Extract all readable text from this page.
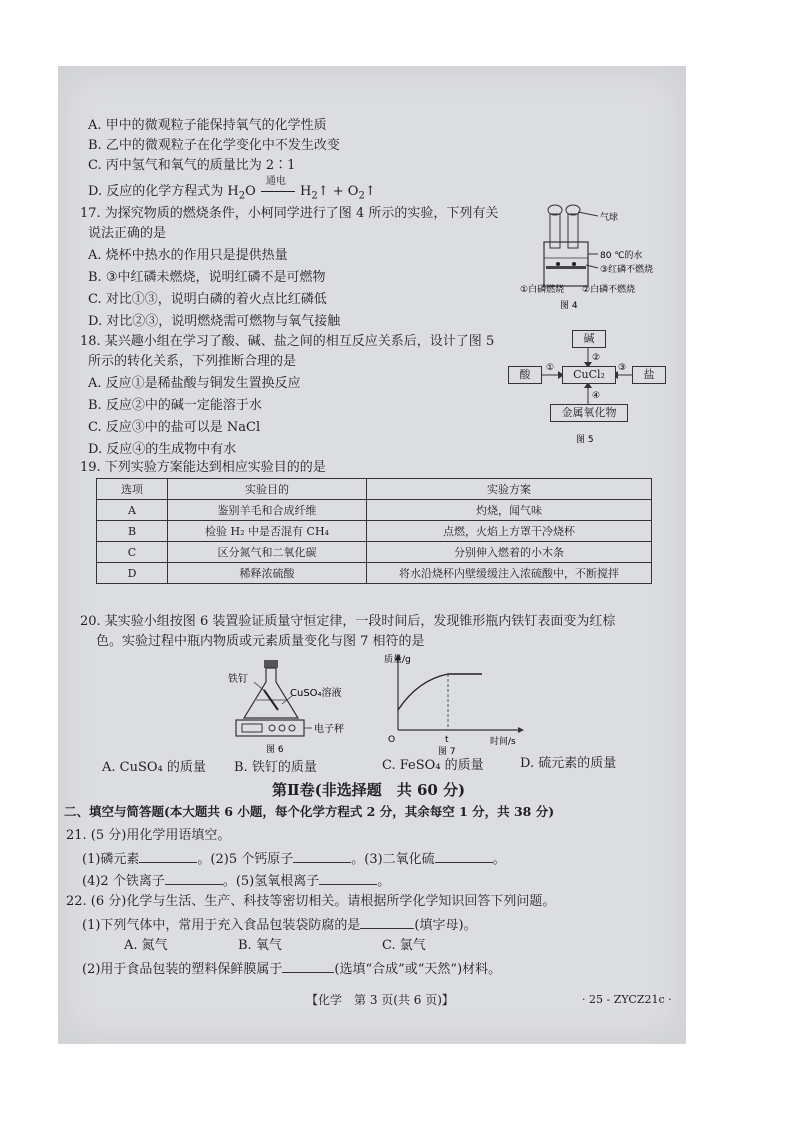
A. 甲中的微观粒子能保持氧气的化学性质
B. 乙中的微观粒子在化学变化中不发生改变
C. 丙中氢气和氧气的质量比为 2∶1
D. 反应的化学方程式为 $H_2O$
通电
$H_2↑$ + $O_2↑$
17. 为探究物质的燃烧条件，小柯同学进行了图 4 所示的实验，下列有关
说法正确的是
A. 烧杯中热水的作用只是提供热量
B. ③中红磷未燃烧，说明红磷不是可燃物
C. 对比①③，说明白磷的着火点比红磷低
D. 对比②③，说明燃烧需可燃物与氧气接触
气球
80 ℃的水
③红磷不燃烧
①白磷燃烧 ②白磷不燃烧
图 4
18. 某兴趣小组在学习了酸、碱、盐之间的相互反应关系后，设计了图 5
所示的转化关系，下列推断合理的是
A. 反应①是稀盐酸与铜发生置换反应
B. 反应②中的碱一定能溶于水
C. 反应③中的盐可以是 NaCl
D. 反应④的生成物中有水
②
①	③
④
图 5
碱
酸	CuCl₂	盐
金属氧化物
19. 下列实验方案能达到相应实验目的的是
选项	实验目的	实验方案
A	鉴别羊毛和合成纤维	灼烧，闻气味
B	检验 H₂ 中是否混有 CH₄	点燃，火焰上方罩干冷烧杯
C	区分氮气和二氧化碳	分别伸入燃着的小木条
D	稀释浓硫酸	将水沿烧杯内壁缓缓注入浓硫酸中，不断搅拌
20. 某实验小组按图 6 装置验证质量守恒定律，一段时间后，发现锥形瓶内铁钉表面变为红棕
色。实验过程中瓶内物质或元素质量变化与图 7 相符的是
铁钉
CuSO₄溶液
电子秤
图 6
质量/g
时间/s
O	t
图 7
A. CuSO₄ 的质量 B. 铁钉的质量	C. FeSO₄ 的质量	D. 硫元素的质量
第Ⅱ卷(非选择题　共 60 分)
二、填空与简答题(本大题共 6 小题，每个化学方程式 2 分，其余每空 1 分，共 38 分)
21. (5 分)用化学用语填空。
(1)磷元素	。(2)5 个钙原子	。(3)二氧化硫	。
(4)2 个铁离子	。(5)氢氧根离子	。
22. (6 分)化学与生活、生产、科技等密切相关。请根据所学化学知识回答下列问题。
(1)下列气体中，常用于充入食品包装袋防腐的是	(填字母)。
A. 氮气	B. 氧气	C. 氯气
(2)用于食品包装的塑料保鲜膜属于	(选填“合成”或“天然”)材料。
【化学　第 3 页(共 6 页)】	· 25 - ZYCZ21c ·
